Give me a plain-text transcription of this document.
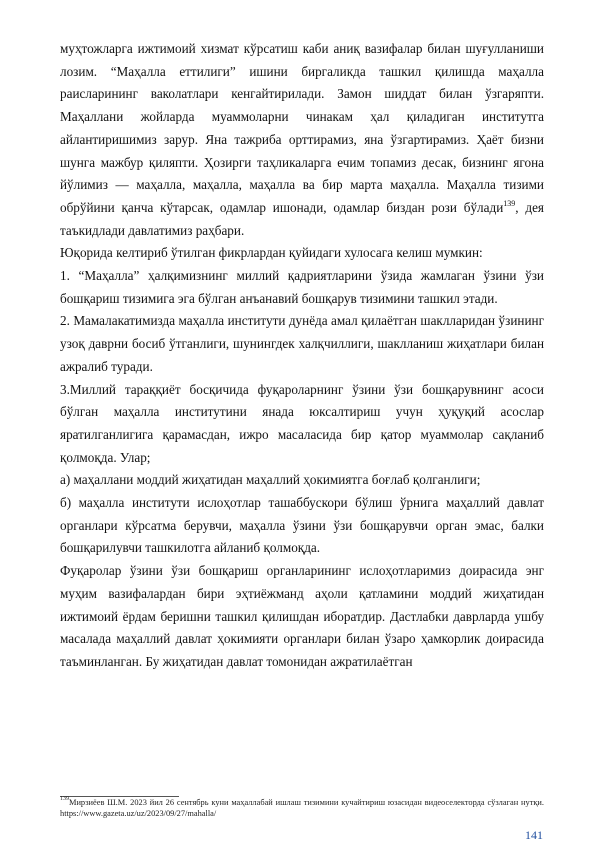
муҳтожларга ижтимоий хизмат кўрсатиш каби аниқ вазифалар билан шуғулланиши лозим. “Маҳалла еттилиги” ишини биргаликда ташкил қилишда маҳалла раисларининг ваколатлари кенгайтирилади. Замон шиддат билан ўзгаряпти. Маҳаллани жойларда муаммоларни чинакам ҳал қиладиган институтга айлантиришимиз зарур. Яна тажриба орттирамиз, яна ўзгартирамиз. Ҳаёт бизни шунга мажбур қиляпти. Ҳозирги таҳликаларга ечим топамиз десак, бизнинг ягона йўлимиз — маҳалла, маҳалла, маҳалла ва бир марта маҳалла. Маҳалла тизими обрўйини қанча кўтарсак, одамлар ишонади, одамлар биздан рози бўлади$^{139}$, дея таъкидлади давлатимиз раҳбари.

Юқорида келтириб ўтилган фикрлардан қуйидаги хулосага келиш мумкин:

1. “Маҳалла” ҳалқимизнинг миллий қадриятларини ўзида жамлаган ўзини ўзи бошқариш тизимига эга бўлган анъанавий бошқарув тизимини ташкил этади.

2. Мамалакатимизда маҳалла институти дунёда амал қилаётган шаклларидан ўзининг узоқ даврни босиб ўтганлиги, шунингдек халқчиллиги, шаклланиш жиҳатлари билан ажралиб туради.

3.Миллий тараққиёт босқичида фуқароларнинг ўзини ўзи бошқарувнинг асоси бўлган маҳалла институтини янада юксалтириш учун ҳуқуқий асослар яратилганлигига қарамасдан, ижро масаласида бир қатор муаммолар сақланиб қолмоқда. Улар;

а) маҳаллани моддий жиҳатидан маҳаллий ҳокимиятга боғлаб қолганлиги;

б) маҳалла институти ислоҳотлар ташаббускори бўлиш ўрнига маҳаллий давлат органлари кўрсатма берувчи, маҳалла ўзини ўзи бошқарувчи орган эмас, балки бошқарилувчи ташкилотга айланиб қолмоқда.

Фуқаролар ўзини ўзи бошқариш органларининг ислоҳотларимиз доирасида энг муҳим вазифалардан бири эҳтиёжманд аҳоли қатламини моддий жиҳатидан ижтимоий ёрдам беришни ташкил қилишдан иборатдир. Дастлабки даврларда ушбу масалада маҳаллий давлат ҳокимияти органлари билан ўзаро ҳамкорлик доирасида таъминланган. Бу жиҳатидан давлат томонидан ажратилаётган

$^{139}$Мирзиёев Ш.М. 2023 йил 26 сентябрь куни маҳаллабай ишлаш тизимини кучайтириш юзасидан видеоселекторда сўзлаган нутқи. https://www.gazeta.uz/uz/2023/09/27/mahalla/
141
